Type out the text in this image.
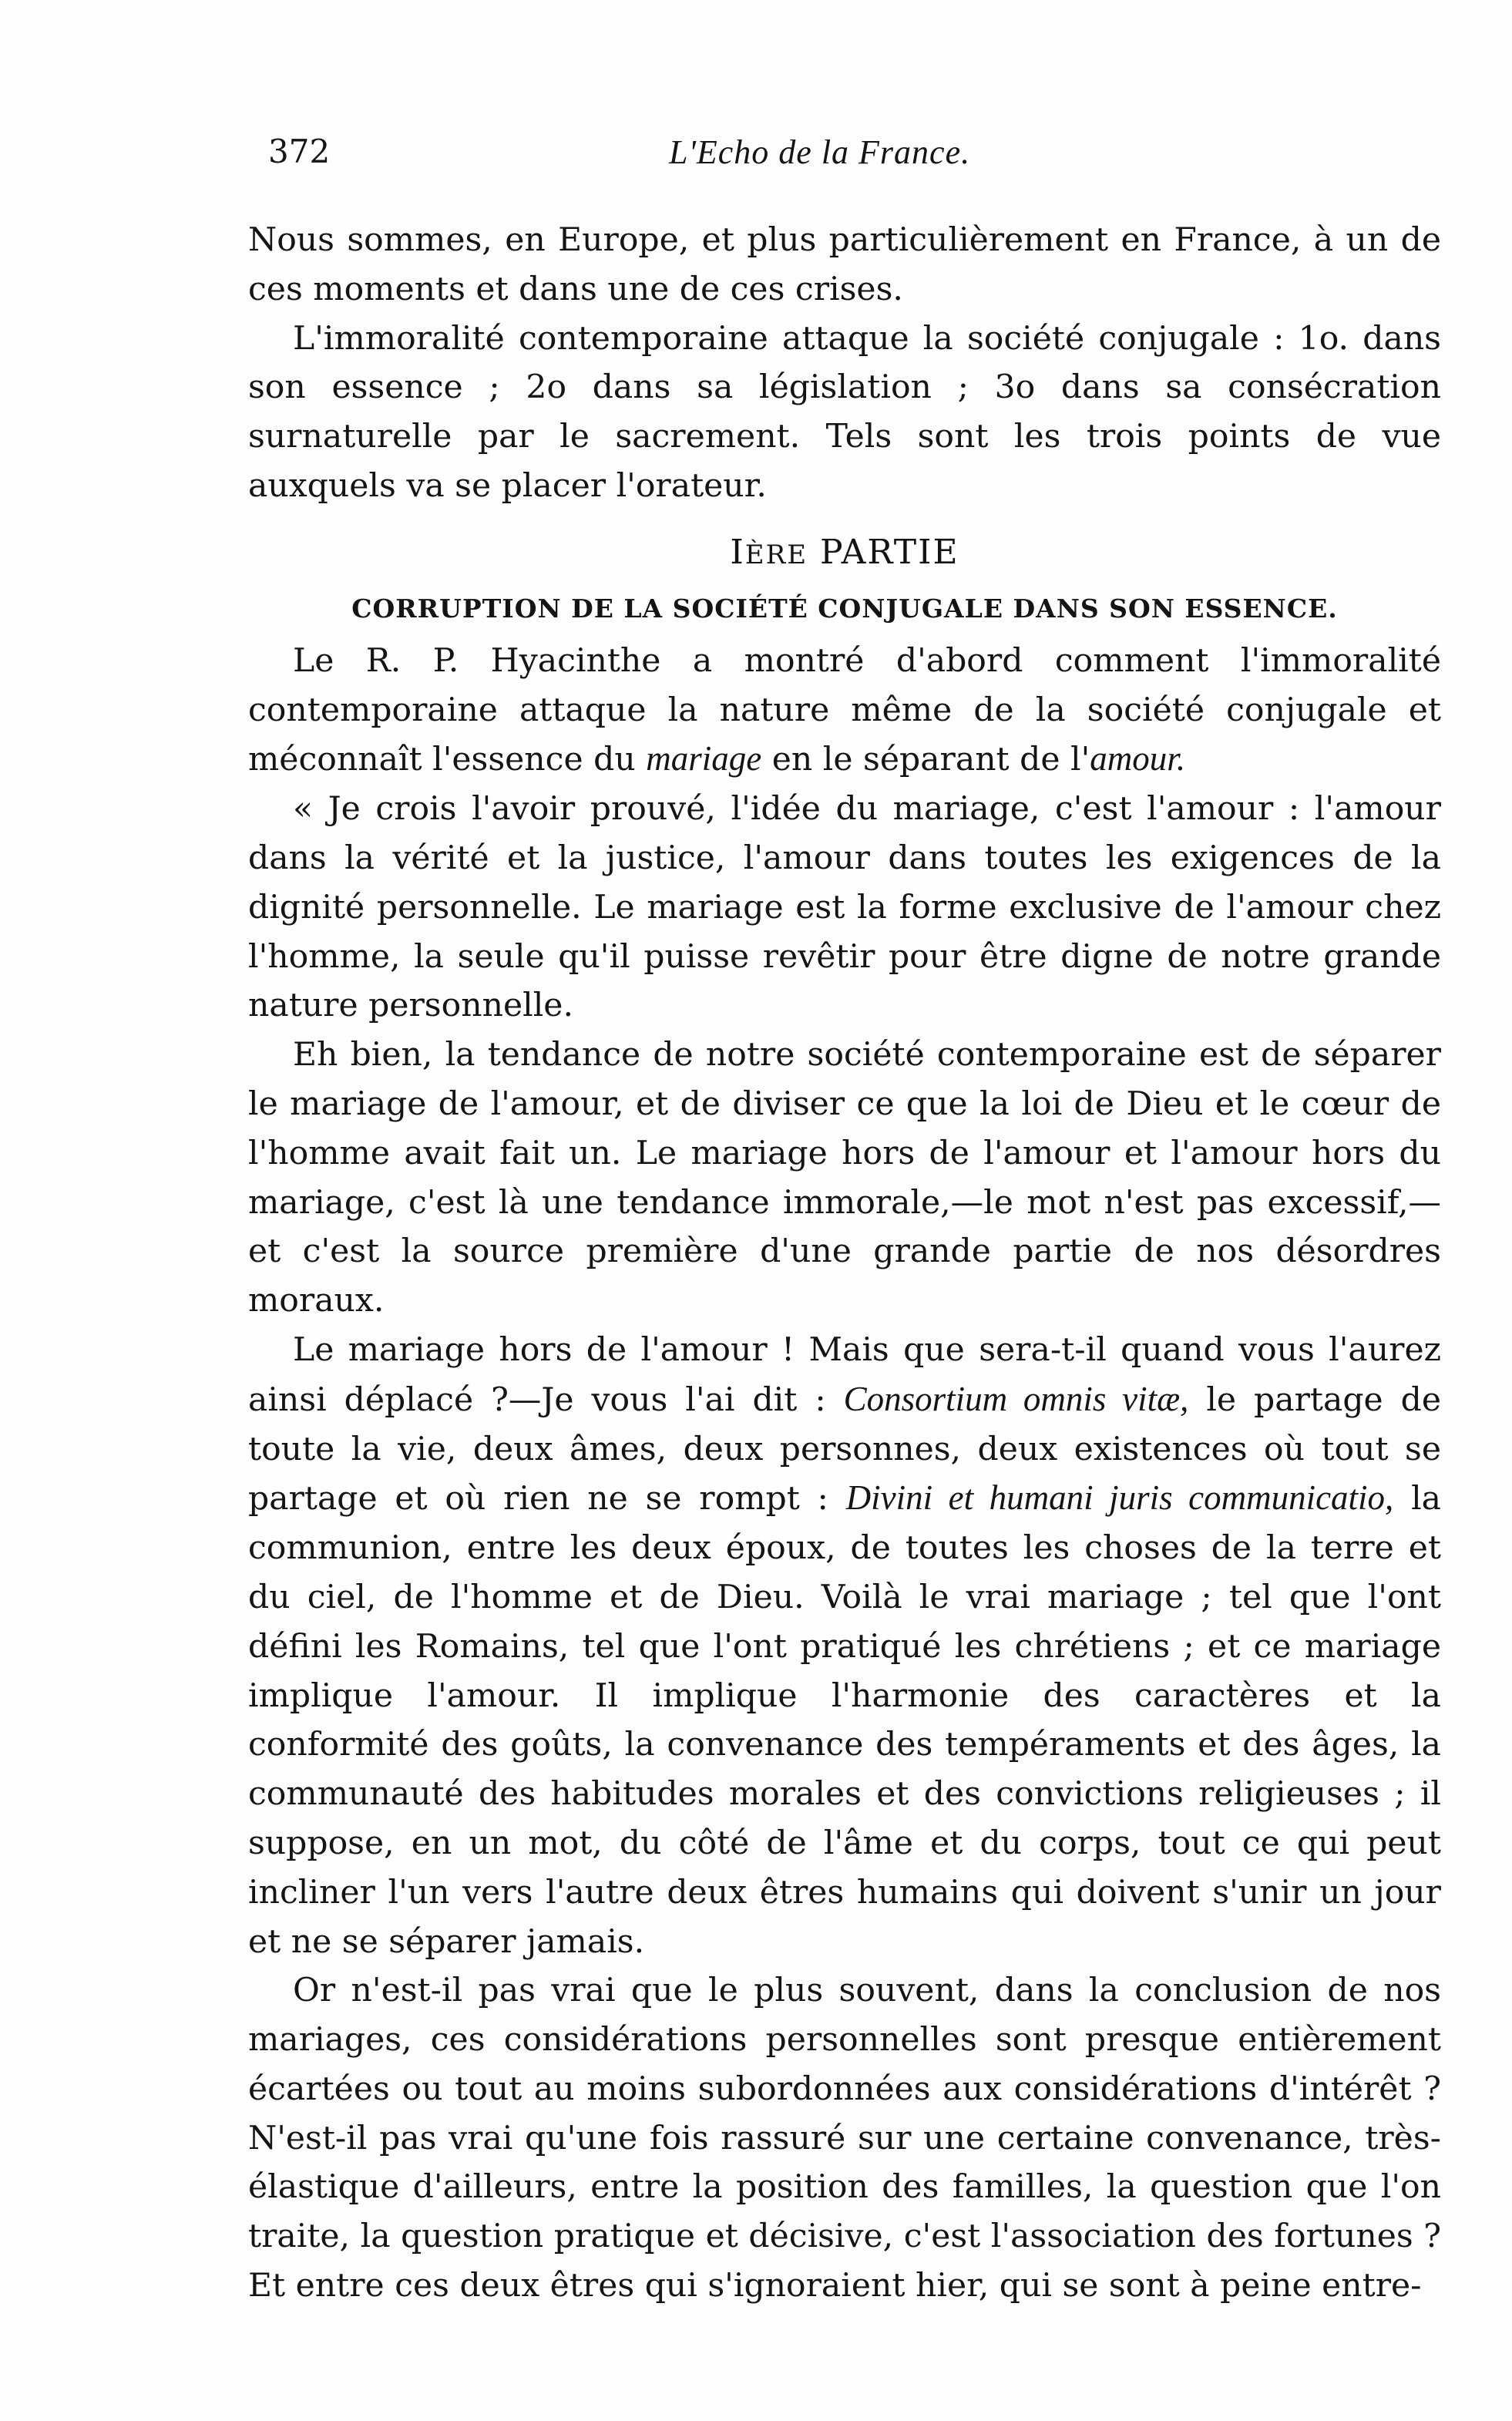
372	L'Echo de la France.

Nous sommes, en Europe, et plus particulièrement en France, à un de ces moments et dans une de ces crises.

L'immoralité contemporaine attaque la société conjugale : 1o. dans son essence ; 2o dans sa législation ; 3o dans sa consécration surnaturelle par le sacrement. Tels sont les trois points de vue auxquels va se placer l'orateur.

IÈRE PARTIE
CORRUPTION DE LA SOCIÉTÉ CONJUGALE DANS SON ESSENCE.

Le R. P. Hyacinthe a montré d'abord comment l'immoralité contemporaine attaque la nature même de la société conjugale et méconnaît l'essence du mariage en le séparant de l'amour.

« Je crois l'avoir prouvé, l'idée du mariage, c'est l'amour : l'amour dans la vérité et la justice, l'amour dans toutes les exigences de la dignité personnelle. Le mariage est la forme exclusive de l'amour chez l'homme, la seule qu'il puisse revêtir pour être digne de notre grande nature personnelle.

Eh bien, la tendance de notre société contemporaine est de séparer le mariage de l'amour, et de diviser ce que la loi de Dieu et le cœur de l'homme avait fait un. Le mariage hors de l'amour et l'amour hors du mariage, c'est là une tendance immorale,—le mot n'est pas excessif,— et c'est la source première d'une grande partie de nos désordres moraux.

Le mariage hors de l'amour ! Mais que sera-t-il quand vous l'aurez ainsi déplacé ?—Je vous l'ai dit : Consortium omnis vitæ, le partage de toute la vie, deux âmes, deux personnes, deux existences où tout se partage et où rien ne se rompt : Divini et humani juris communicatio, la communion, entre les deux époux, de toutes les choses de la terre et du ciel, de l'homme et de Dieu. Voilà le vrai mariage ; tel que l'ont défini les Romains, tel que l'ont pratiqué les chrétiens ; et ce mariage implique l'amour. Il implique l'harmonie des caractères et la conformité des goûts, la convenance des tempéraments et des âges, la communauté des habitudes morales et des convictions religieuses ; il suppose, en un mot, du côté de l'âme et du corps, tout ce qui peut incliner l'un vers l'autre deux êtres humains qui doivent s'unir un jour et ne se séparer jamais.

Or n'est-il pas vrai que le plus souvent, dans la conclusion de nos mariages, ces considérations personnelles sont presque entièrement écartées ou tout au moins subordonnées aux considérations d'intérêt ? N'est-il pas vrai qu'une fois rassuré sur une certaine convenance, très-élastique d'ailleurs, entre la position des familles, la question que l'on traite, la question pratique et décisive, c'est l'association des fortunes ? Et entre ces deux êtres qui s'ignoraient hier, qui se sont à peine entre-
